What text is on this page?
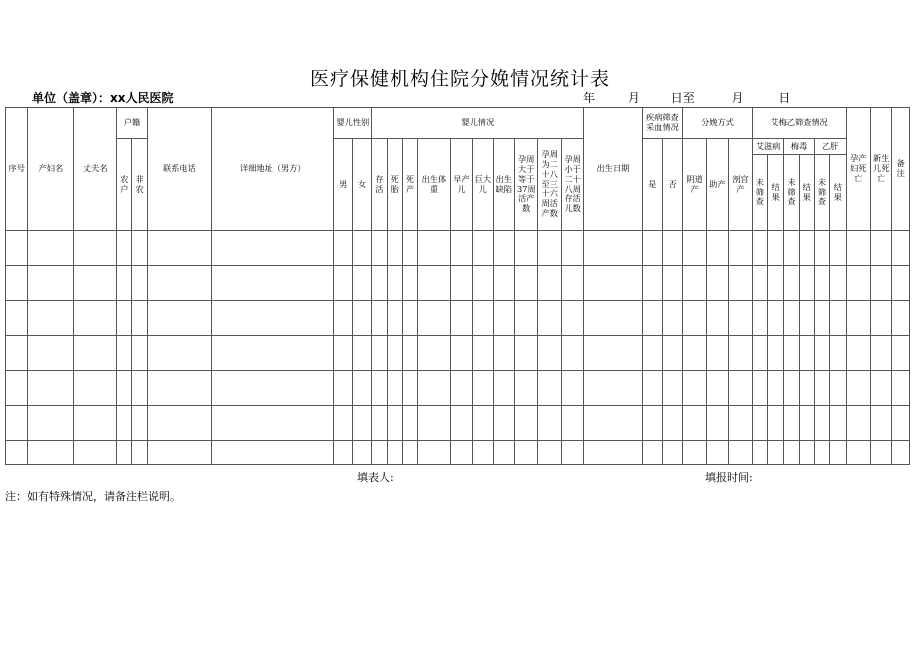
医疗保健机构住院分娩情况统计表
单位（盖章）：xx人民医院	年	月	日至	月	日
序号	产妇名	丈夫名	户籍		联系电话	详细地址（男方）	婴儿性别		婴儿情况										出生日期	疾病筛查采血情况		分娩方式			艾梅乙筛查情况						孕产妇死亡	新生儿死亡	备注
			农户	非农			男	女	存活	死胎	死产	出生体重	早产儿	巨大儿	出生缺陷	孕周大于等于37周活产数	孕周为二十八至三十六周活产数	孕周小于二十八周存活儿数		是	否	阴道产	助产	剖宫产	艾滋病		梅毒		乙肝				
																									未筛查	结果	未筛查	结果	未筛查	结果			

填表人:	填报时间:
注：如有特殊情况，请备注栏说明。
